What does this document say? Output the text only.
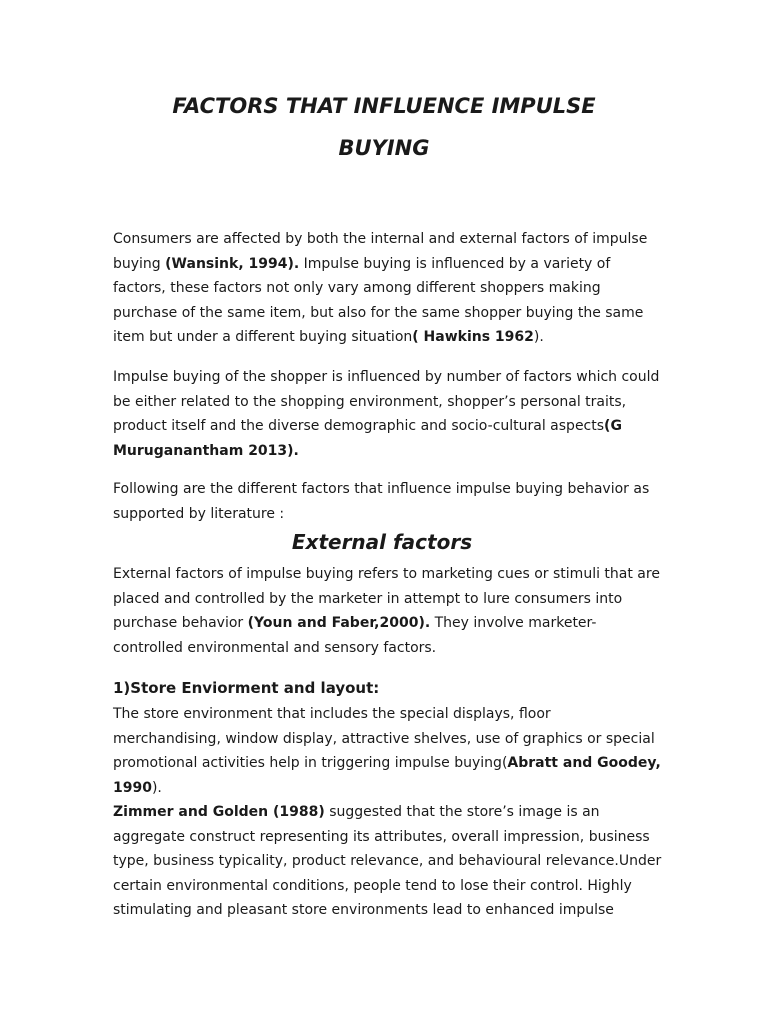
FACTORS THAT INFLUENCE IMPULSE
BUYING

Consumers are affected by both the internal and external factors of impulse
buying (Wansink, 1994). Impulse buying is influenced by a variety of
factors, these factors not only vary among different shoppers making
purchase of the same item, but also for the same shopper buying the same
item but under a different buying situation( Hawkins 1962).

Impulse buying of the shopper is influenced by number of factors which could
be either related to the shopping environment, shopper’s personal traits,
product itself and the diverse demographic and socio-cultural aspects(G
Muruganantham 2013).

Following are the different factors that influence impulse buying behavior as
supported by literature :

External factors

External factors of impulse buying refers to marketing cues or stimuli that are
placed and controlled by the marketer in attempt to lure consumers into
purchase behavior (Youn and Faber,2000). They involve marketer-
controlled environmental and sensory factors.

1)Store Enviorment and layout:

The store environment that includes the special displays, floor
merchandising, window display, attractive shelves, use of graphics or special
promotional activities help in triggering impulse buying(Abratt and Goodey,
1990).

Zimmer and Golden (1988) suggested that the store’s image is an
aggregate construct representing its attributes, overall impression, business
type, business typicality, product relevance, and behavioural relevance.Under
certain environmental conditions, people tend to lose their control. Highly
stimulating and pleasant store environments lead to enhanced impulse
